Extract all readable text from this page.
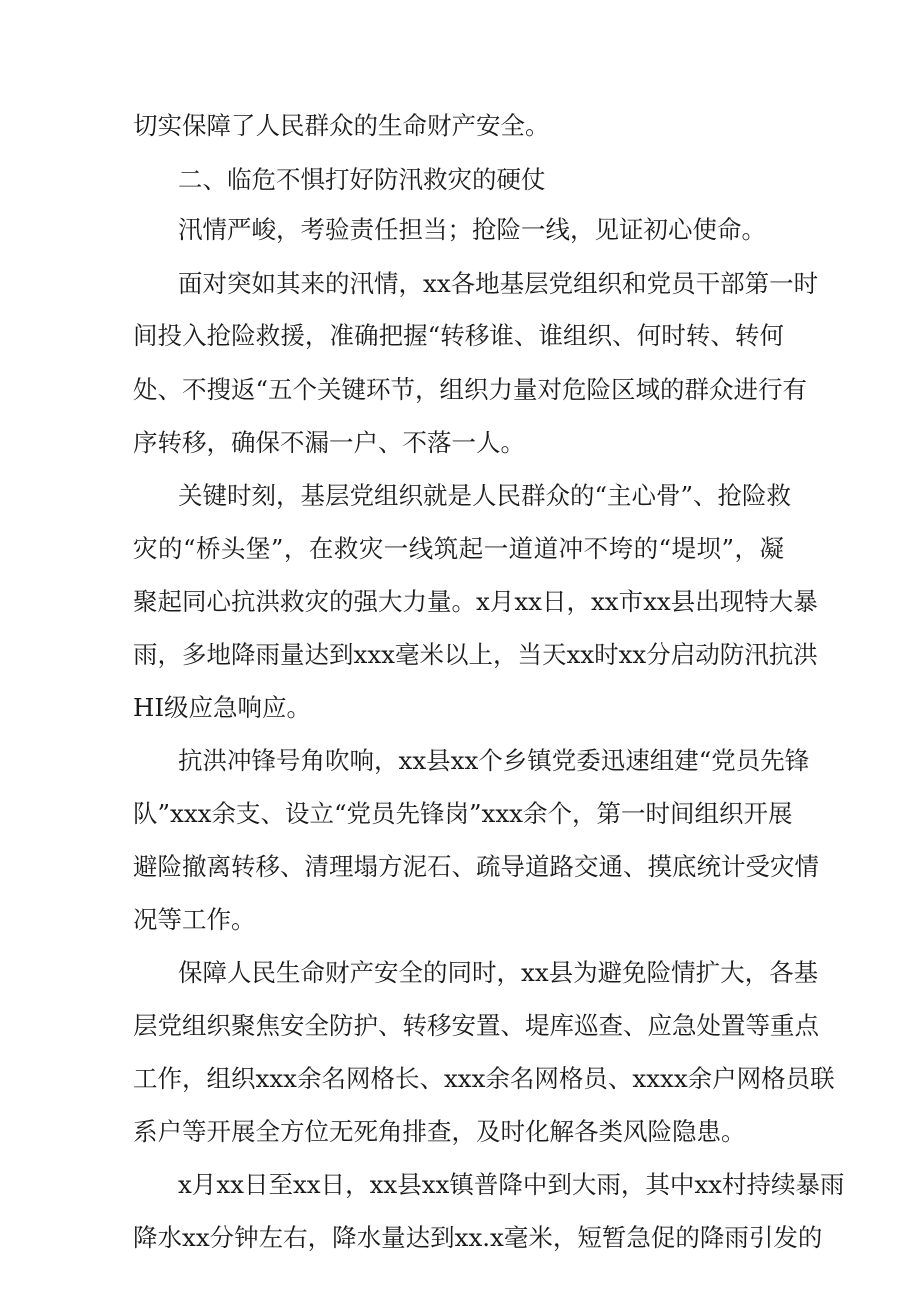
切实保障了人民群众的生命财产安全。
二、临危不惧打好防汛救灾的硬仗
汛情严峻，考验责任担当；抢险一线，见证初心使命。
面对突如其来的汛情，xx各地基层党组织和党员干部第一时
间投入抢险救援，准确把握“转移谁、谁组织、何时转、转何
处、不搜返“五个关键环节，组织力量对危险区域的群众进行有
序转移，确保不漏一户、不落一人。
关键时刻，基层党组织就是人民群众的“主心骨”、抢险救
灾的“桥头堡”，在救灾一线筑起一道道冲不垮的“堤坝”，凝
聚起同心抗洪救灾的强大力量。x月xx日，xx市xx县出现特大暴
雨，多地降雨量达到xxx毫米以上，当天xx时xx分启动防汛抗洪
HI级应急响应。
抗洪冲锋号角吹响，xx县xx个乡镇党委迅速组建“党员先锋
队”xxx余支、设立“党员先锋岗”xxx余个，第一时间组织开展
避险撤离转移、清理塌方泥石、疏导道路交通、摸底统计受灾情
况等工作。
保障人民生命财产安全的同时，xx县为避免险情扩大，各基
层党组织聚焦安全防护、转移安置、堤库巡查、应急处置等重点
工作，组织xxx余名网格长、xxx余名网格员、xxxx余户网格员联
系户等开展全方位无死角排查，及时化解各类风险隐患。
x月xx日至xx日，xx县xx镇普降中到大雨，其中xx村持续暴雨
降水xx分钟左右，降水量达到xx.x毫米，短暂急促的降雨引发的
